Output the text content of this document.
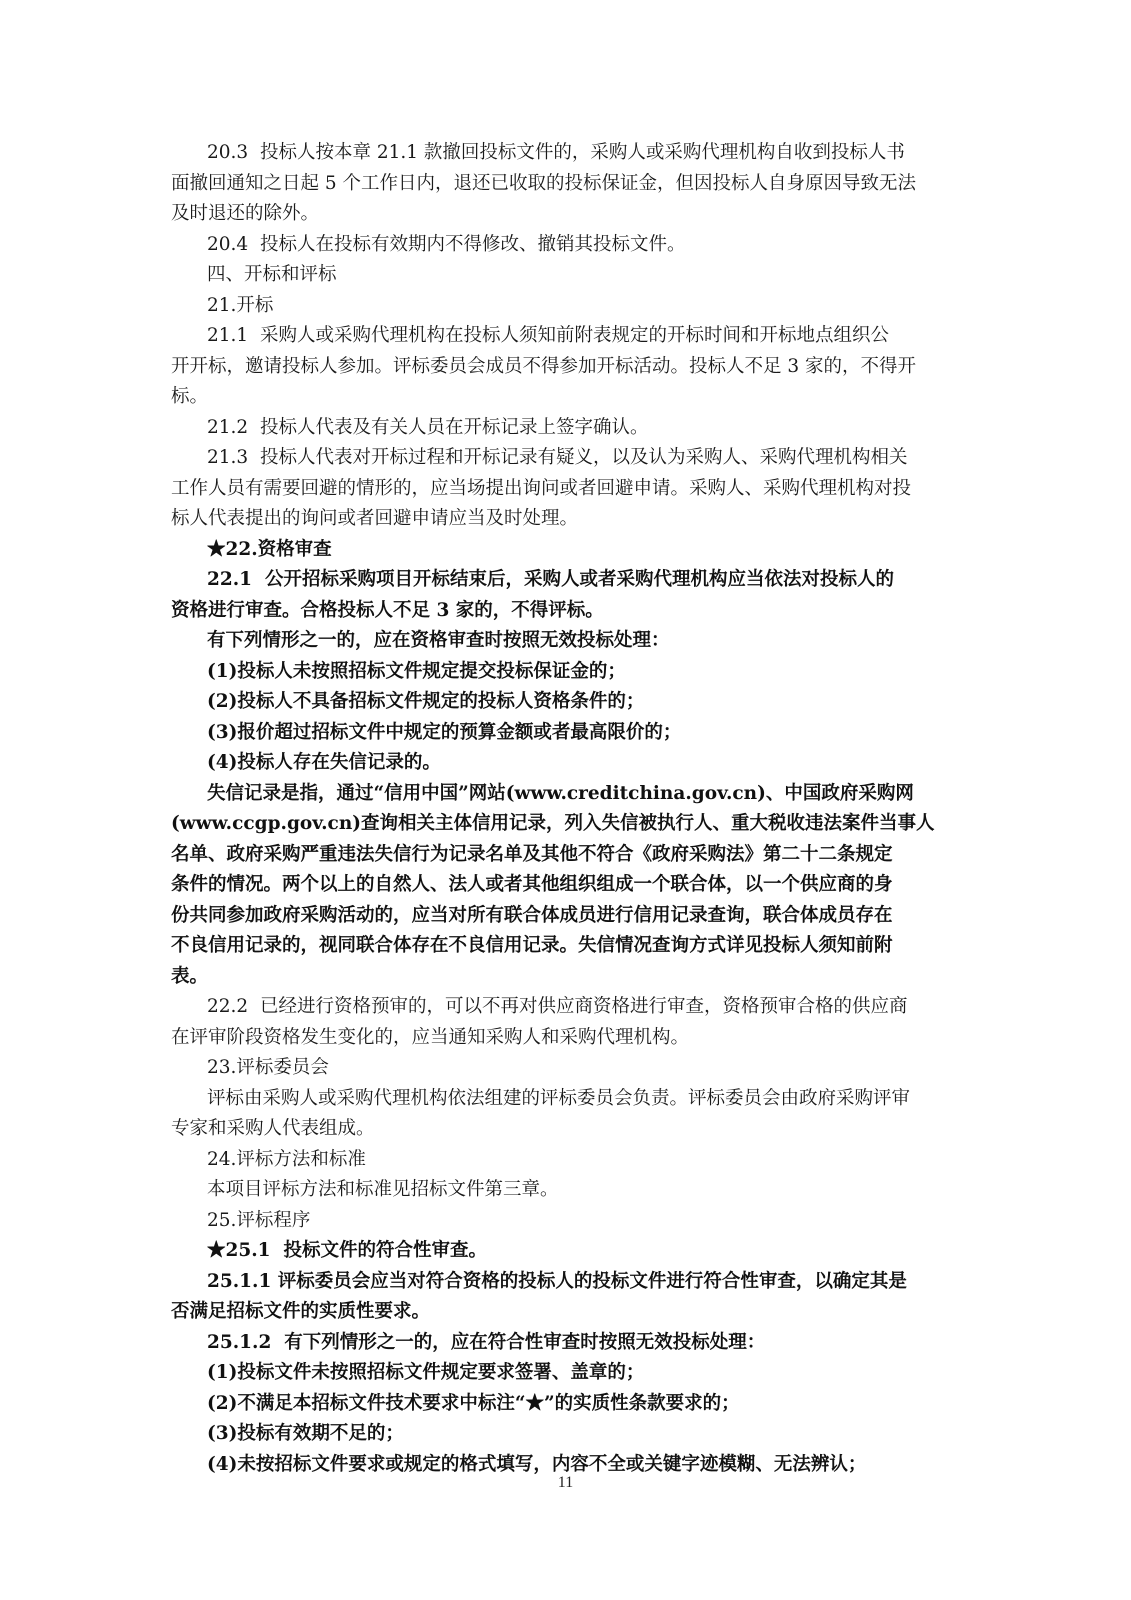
20.3  投标人按本章 21.1 款撤回投标文件的，采购人或采购代理机构自收到投标人书
面撤回通知之日起 5 个工作日内，退还已收取的投标保证金，但因投标人自身原因导致无法
及时退还的除外。
20.4  投标人在投标有效期内不得修改、撤销其投标文件。
四、开标和评标
21.开标
21.1  采购人或采购代理机构在投标人须知前附表规定的开标时间和开标地点组织公
开开标，邀请投标人参加。评标委员会成员不得参加开标活动。投标人不足 3 家的，不得开
标。
21.2  投标人代表及有关人员在开标记录上签字确认。
21.3  投标人代表对开标过程和开标记录有疑义，以及认为采购人、采购代理机构相关
工作人员有需要回避的情形的，应当场提出询问或者回避申请。采购人、采购代理机构对投
标人代表提出的询问或者回避申请应当及时处理。
★22.资格审查
22.1  公开招标采购项目开标结束后，采购人或者采购代理机构应当依法对投标人的
资格进行审查。合格投标人不足 3 家的，不得评标。
有下列情形之一的，应在资格审查时按照无效投标处理：
(1)投标人未按照招标文件规定提交投标保证金的；
(2)投标人不具备招标文件规定的投标人资格条件的；
(3)报价超过招标文件中规定的预算金额或者最高限价的；
(4)投标人存在失信记录的。
失信记录是指，通过“信用中国”网站(www.creditchina.gov.cn)、中国政府采购网
(www.ccgp.gov.cn)查询相关主体信用记录，列入失信被执行人、重大税收违法案件当事人
名单、政府采购严重违法失信行为记录名单及其他不符合《政府采购法》第二十二条规定
条件的情况。两个以上的自然人、法人或者其他组织组成一个联合体，以一个供应商的身
份共同参加政府采购活动的，应当对所有联合体成员进行信用记录查询，联合体成员存在
不良信用记录的，视同联合体存在不良信用记录。失信情况查询方式详见投标人须知前附
表。
22.2  已经进行资格预审的，可以不再对供应商资格进行审查，资格预审合格的供应商
在评审阶段资格发生变化的，应当通知采购人和采购代理机构。
23.评标委员会
评标由采购人或采购代理机构依法组建的评标委员会负责。评标委员会由政府采购评审
专家和采购人代表组成。
24.评标方法和标准
本项目评标方法和标准见招标文件第三章。
25.评标程序
★25.1  投标文件的符合性审查。
25.1.1 评标委员会应当对符合资格的投标人的投标文件进行符合性审查，以确定其是
否满足招标文件的实质性要求。
25.1.2  有下列情形之一的，应在符合性审查时按照无效投标处理：
(1)投标文件未按照招标文件规定要求签署、盖章的；
(2)不满足本招标文件技术要求中标注“★”的实质性条款要求的；
(3)投标有效期不足的；
(4)未按招标文件要求或规定的格式填写，内容不全或关键字迹模糊、无法辨认；
11
